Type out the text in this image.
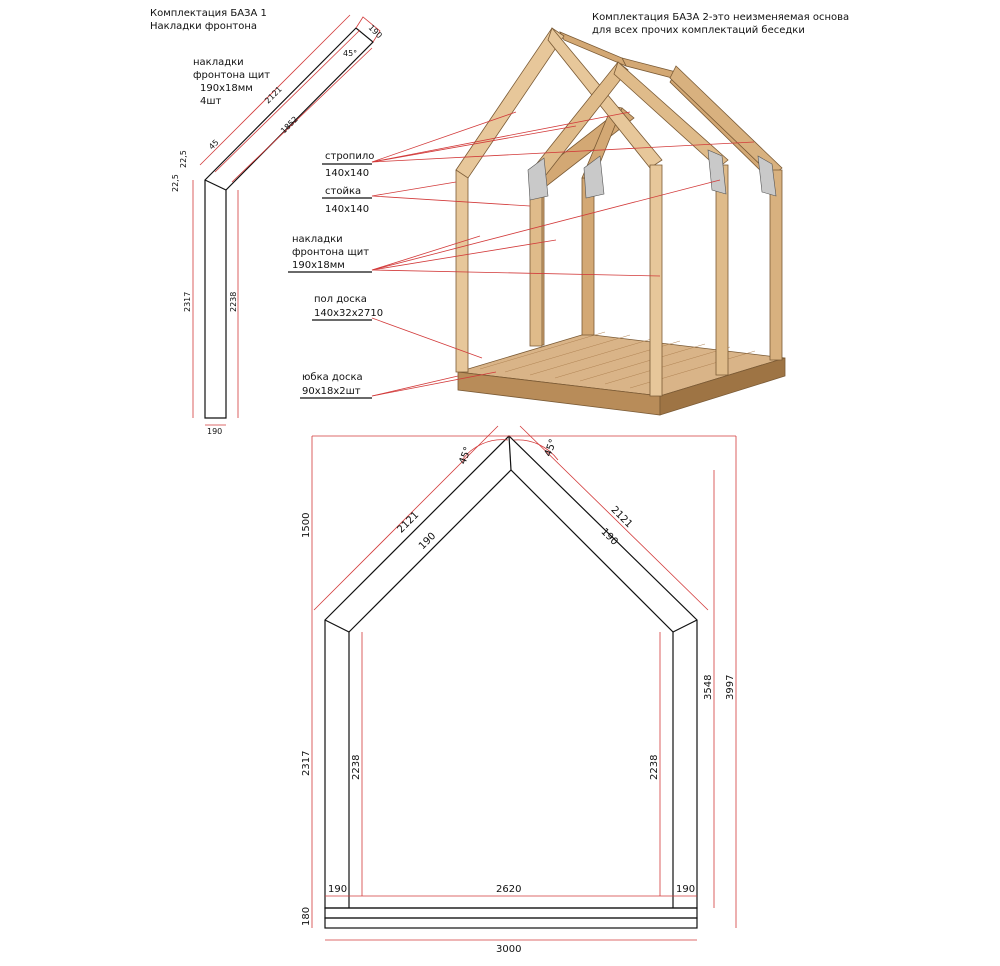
Комплектация БАЗА 1
Накладки фронтона
накладки
фронтона щит
190x18мм
4шт
190
45°
2121
1852
45
22,5
22,5
2317	2238
190
Комплектация БАЗА 2-это неизменяемая основа
для всех прочих комплектаций беседки
стропило
140x140
стойка
140x140
накладки
фронтона щит
190x18мм
пол доска
140x32x2710
юбка доска
90x18x2шт
45°	45°
2121	2121
190	190
1500
2317	2238	2238
3548 3997
180
190	2620	190
3000
